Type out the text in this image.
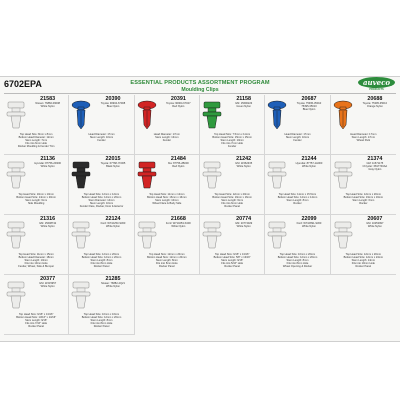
6702EPA	ESSENTIAL PRODUCTS ASSORTMENT PROGRAM
Moulding Clips
auveco
PRODUCTS
21583
Nissan: 76882-09008
White Nylon
Top Head Size: 8mm x 8mm
Bottom Head Diameter: 12mm
Stem Length: 7mm
Fits into 6mm Hole
Rocker Moulding & Fender Trim
20390
Toyota: 90904-67008
Blue Nylon
Head Diameter: 17mm
Stem Length: 10mm
Fender
20391
Toyota: 90904-67027
Red Nylon
Head Diameter: 17mm
Stem Length: 13mm
Fender
21158
GM: 15690223
Green Nylon
Top Head Size: 7.5mm x 11mm
Bottom Head Size: 15mm x 15mm
Stem Length: 10mm
Fits into 7mm Hole
Fender
20687
Toyota: 75395-35010
75395-35010
Blue Nylon
Head Diameter: 17mm
Stem Length: 10mm
Fender
20688
Toyota: 75395-35010
Orange Nylon
Head Diameter: 17mm
Stem Length: 17mm
Wheel Park
21136
Hyundai: 87756-2D300
White Nylon
Top Head Size: 10mm x 10mm
Bottom Head Size: 14mm x 20mm
Stem Length: 6mm
Side Moulding
22015
Toyota: 67768-YF005
Black Nylon
Top Head Size: 12mm x 12mm
Bottom Head Size: 14mm x 20mm
Stem Diameter: 14mm
Stem Length: 10mm
Fender Flare, Rocker, Door & Exterior
21484
Kia: 87756-2B000
Red Nylon
Top Head Size: 11mm x 12mm
Bottom Head Size: 16mm x 16mm
Stem Length: 10mm
Wheel Flare & Body Side
21242
GM: 11562335
White Nylon
Top Head Size: 12mm x 20mm
Bottom Head Size: 16mm x 16mm
Stem Length: 6mm
Fits into 6mm Hole
Rocker Panel
21244
Hyundai: 87757-1H000
White Nylon
Top Head Size: 11mm x 15.5mm
Bottom Head Size: 14mm x 14mm
Stem Length: 8mm
Rocker
21374
GM: 11571175
Chrysler: 6817740AA
Gray Nylon
Top Head Size: 12mm x 20mm
Bottom Head Size: 19mm x 19mm
Stem Length: 6mm
Rocker
21316
GM: 15608742
White Nylon
Top Head Size: 11mm x 15mm
Bottom Head Diameter: 18mm
Stem Length: 10mm
Fits into 10mm Hole
Fender, Wheel, Side & Bumper
22124
Ford: W710253-S300
White Nylon
Top Head Size: 12mm x 20mm
Bottom Head Size: 12mm x 20mm
Stem Length: 8mm
Fits into 8mm Hole
Rocker Panel
21668
Ford: W710253-S300
White Nylon
Top Head Size: 12mm x 20mm
Bottom Head Size: 12mm x 20mm
Stem Length: 8mm
Fits into 8mm Hole
Rocker Panel
20774
GM: 20774029
White Nylon
Top Head Size: 9/16" x 13/16"
Bottom Head Size: 5/8" x 13/16"
Stem Length: 9/16"
Fits into 5/16" Hole
Rocker Panel
22099
Ford: W710891-S300
White Nylon
Top Head Size: 10mm x 20mm
Bottom Head Size: 12mm x 20mm
Stem Length: 8mm
Fits into 8mm Hole
Wheel Opening & Rocker
20607
GM: 10253997
White Nylon
Top Head Size: 12mm x 20mm
Bottom Head Size: 12mm x 24mm
Stem Length: 14mm
Fits into 10mm Hole
Rocker Panel
20377
GM: 11515957
White Nylon
Top Head Size: 9/16" x 13/16"
Bottom Head Size: 13/16" x 13/16"
Stem Length: 9/16"
Fits into 7/16" Hole
Rocker Panel
21285
Nissan: 76882-4Q21
White Nylon
Top Head Size: 10mm x 16mm
Bottom Head Size: 12mm x 20mm
Stem Length: 8mm
Fits into 8mm Hole
Rocker Panel
